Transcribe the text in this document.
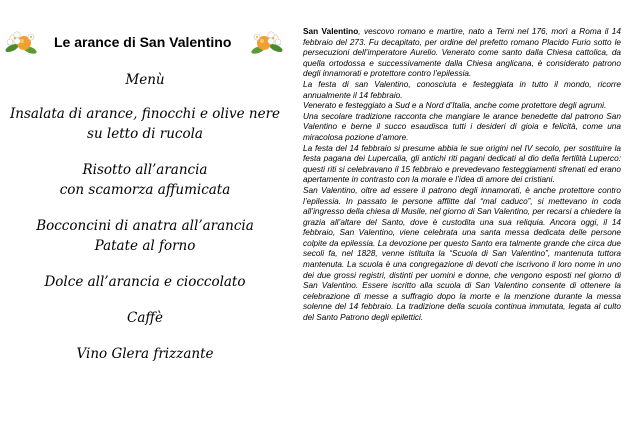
Le arance di San Valentino
Menù
Insalata di arance, finocchi e olive nere
su letto di rucola
Risotto all’arancia
con scamorza affumicata
Bocconcini di anatra all’arancia
Patate al forno
Dolce all’arancia e cioccolato
Caffè
Vino Glera frizzante

San Valentino, vescovo romano e martire, nato a Terni nel 176, morì a Roma il 14 febbraio del 273. Fu decapitato, per ordine del prefetto romano Placido Furio sotto le persecuzioni dell’imperatore Aurelio. Venerato come santo dalla Chiesa cattolica, da quella ortodossa e successivamente dalla Chiesa anglicana, è considerato patrono degli innamorati e protettore contro l’epilessia.

La festa di san Valentino, conosciuta e festeggiata in tutto il mondo, ricorre annualmente il 14 febbraio.

Venerato e festeggiato a Sud e a Nord d’Italia, anche come protettore degli agrumi.

Una secolare tradizione racconta che mangiare le arance benedette dal patrono San Valentino e berne il succo esaudisca tutti i desideri di gioia e felicità, come una miracolosa pozione d’amore.

La festa del 14 febbraio si presume abbia le sue origini nel IV secolo, per sostituire la festa pagana dei Lupercalia, gli antichi riti pagani dedicati al dio della fertilità Luperco: questi riti si celebravano il 15 febbraio e prevedevano festeggiamenti sfrenati ed erano apertamente in contrasto con la morale e l’idea di amore dei cristiani.

San Valentino, oltre ad essere il patrono degli innamorati, è anche protettore contro l’epilessia. In passato le persone afflitte dal “mal caduco”, si mettevano in coda all’ingresso della chiesa di Musile, nel giorno di San Valentino, per recarsi a chiedere la grazia all’altare del Santo, dove è custodita una sua reliquia. Ancora oggi, il 14 febbraio, San Valentino, viene celebrata una santa messa dedicata delle persone colpite da epilessia. La devozione per questo Santo era talmente grande che circa due secoli fa, nel 1828, venne istituita la “Scuola di San Valentino”, mantenuta tuttora mantenuta. La scuola è una congregazione di devoti che iscrivono il loro nome in uno dei due grossi registri, distinti per uomini e donne, che vengono esposti nel giorno di San Valentino. Essere iscritto alla scuola di San Valentino consente di ottenere la celebrazione di messe a suffragio dopo la morte e la menzione durante la messa solenne del 14 febbraio. La tradizione della scuola continua immutata, legata al culto del Santo Patrono degli epilettici.
